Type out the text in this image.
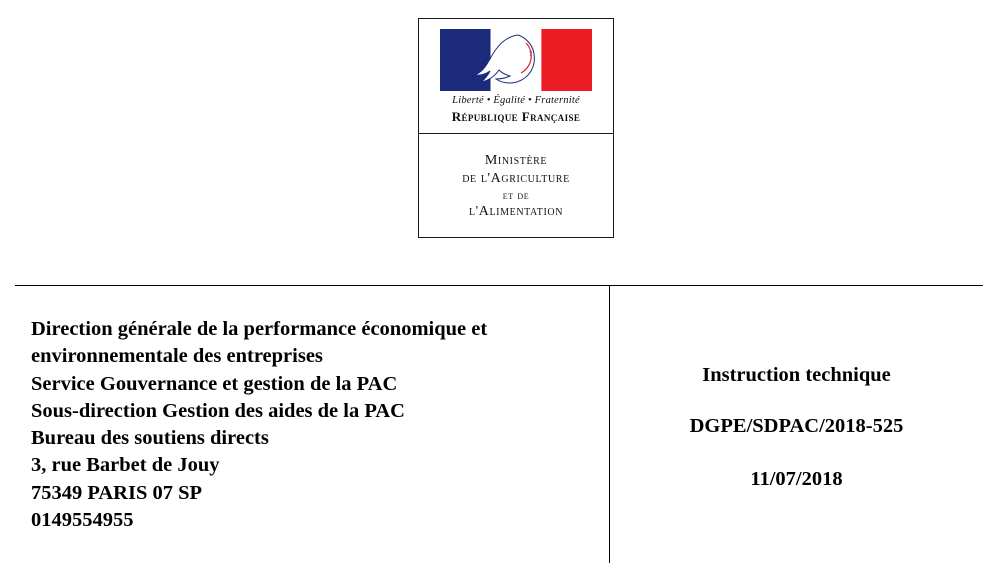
?
Liberté • Égalité • Fraternité
République Française
Ministère
de l'Agriculture
et de
l'Alimentation
Direction générale de la performance économique et
environnementale des entreprises
Service Gouvernance et gestion de la PAC
Sous-direction Gestion des aides de la PAC
Bureau des soutiens directs
3, rue Barbet de Jouy
75349 PARIS 07 SP
0149554955
Instruction technique
DGPE/SDPAC/2018-525
11/07/2018
